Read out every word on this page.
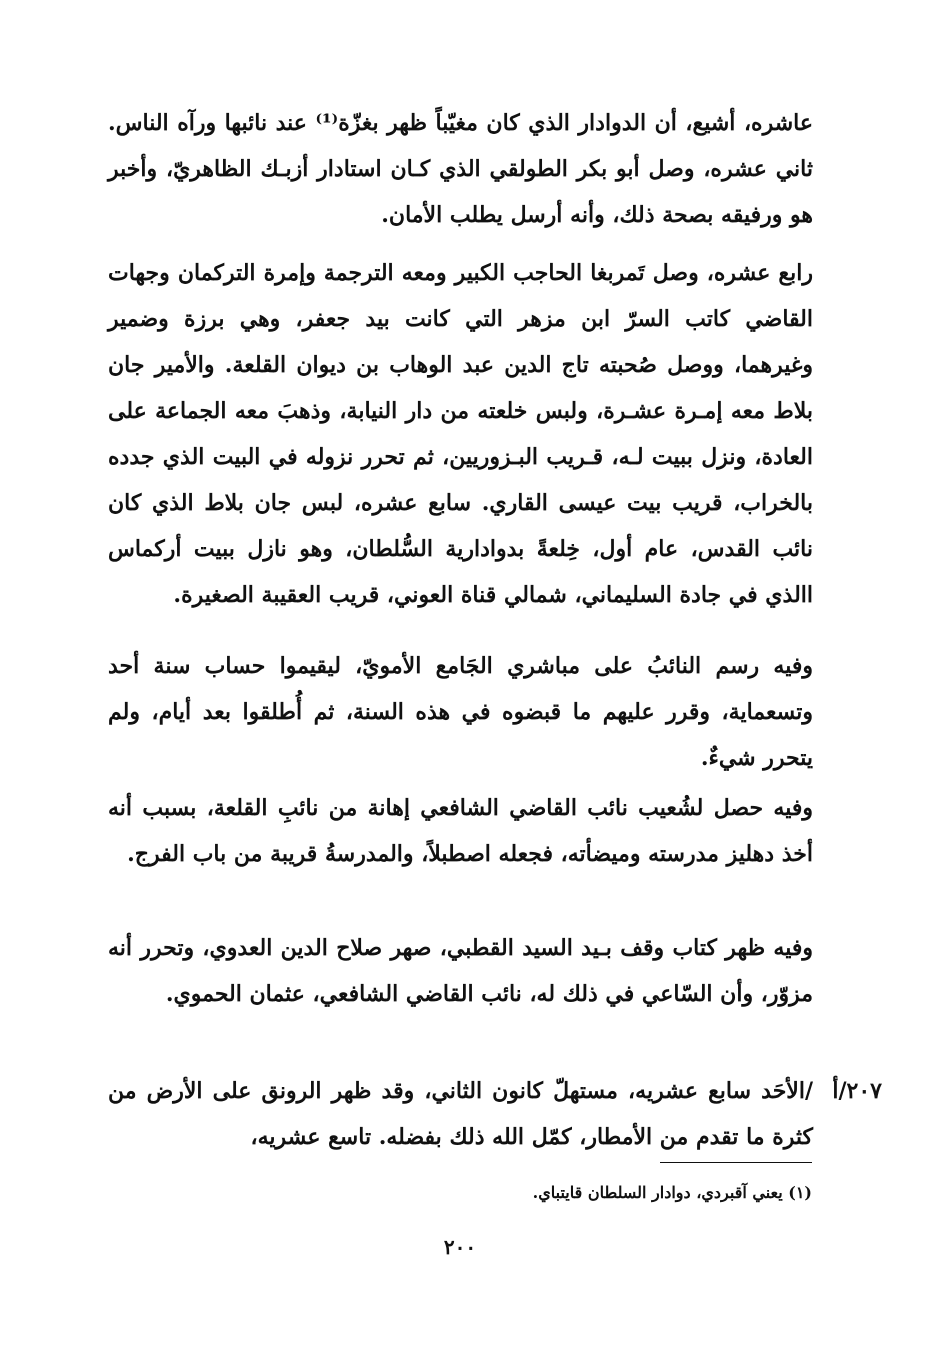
عاشره، أشيع، أن الدوادار الذي كان مغيّباً ظهر بغزّة⁽¹⁾ عند نائبها ورآه الناس. ثاني عشره، وصل أبو بكر الطولقي الذي كـان استادار أزبـك الظاهريّ، وأخبر هو ورفيقه بصحة ذلك، وأنه أرسل يطلب الأمان.

رابع عشره، وصل تَمربغا الحاجب الكبير ومعه الترجمة وإمرة التركمان وجهات القاضي كاتب السرّ ابن مزهر التي كانت بيد جعفر، وهي برزة وضمير وغيرهما، ووصل صُحبته تاج الدين عبد الوهاب بن ديوان القلعة. والأمير جان بلاط معه إمـرة عشـرة، ولبس خلعته من دار النيابة، وذهبَ معه الجماعة على العادة، ونزل ببيت لـه، قـريب البـزوريين، ثم تحرر نزوله في البيت الذي جدده بالخراب، قريب بيت عيسى القاري. سابع عشره، لبس جان بلاط الذي كان نائب القدس، عام أول، خِلعةً بدوادارية السُّلطان، وهو نازل ببيت أركماس االذي في جادة السليماني، شمالي قناة العوني، قريب العقيبة الصغيرة.

وفيه رسم النائبُ على مباشري الجَامع الأمويّ، ليقيموا حساب سنة أحد وتسعماية، وقرر عليهم ما قبضوه في هذه السنة، ثم أُطلقوا بعد أيام، ولم يتحرر شيءٌ.

وفيه حصل لشُعيب نائب القاضي الشافعي إهانة من نائبِ القلعة، بسبب أنه أخذ دهليز مدرسته وميضأته، فجعله اصطبلاً، والمدرسةُ قريبة من باب الفرج.

وفيه ظهر كتاب وقف بـيد السيد القطبي، صهر صلاح الدين العدوي، وتحرر أنه مزوّر، وأن السّاعي في ذلك له، نائب القاضي الشافعي، عثمان الحموي.

/الأحَد سابع عشريه، مستهلّ كانون الثاني، وقد ظهر الرونق على الأرض من كثرة ما تقدم من الأمطار، كمّل الله ذلك بفضله. تاسع عشريه،

٢٠٧/أ
(١) يعني آقبردي، دوادار السلطان قايتباي.
٢٠٠
